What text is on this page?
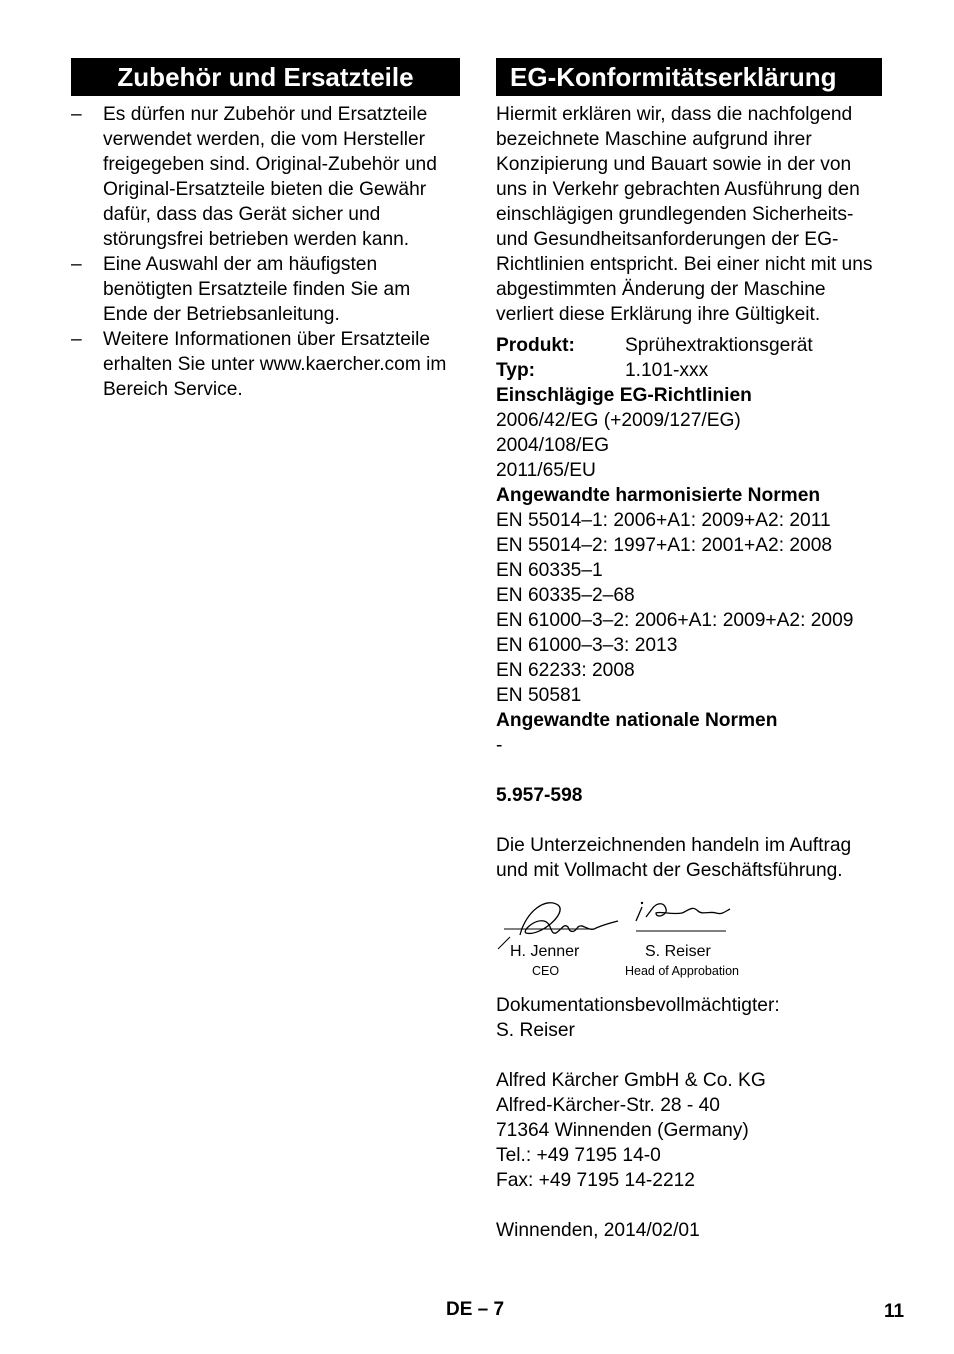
Zubehör und Ersatzteile
– Es dürfen nur Zubehör und Ersatzteile verwendet werden, die vom Hersteller freigegeben sind. Original-Zubehör und Original-Ersatzteile bieten die Gewähr dafür, dass das Gerät sicher und störungsfrei betrieben werden kann.
– Eine Auswahl der am häufigsten benötigten Ersatzteile finden Sie am Ende der Betriebsanleitung.
– Weitere Informationen über Ersatzteile erhalten Sie unter www.kaercher.com im Bereich Service.
EG-Konformitätserklärung
Hiermit erklären wir, dass die nachfolgend bezeichnete Maschine aufgrund ihrer Konzipierung und Bauart sowie in der von uns in Verkehr gebrachten Ausführung den einschlägigen grundlegenden Sicherheits- und Gesundheitsanforderungen der EG-Richtlinien entspricht. Bei einer nicht mit uns abgestimmten Änderung der Maschine verliert diese Erklärung ihre Gültigkeit.
Produkt:	Sprühextraktionsgerät
Typ:	1.101-xxx
Einschlägige EG-Richtlinien
2006/42/EG (+2009/127/EG)
2004/108/EG
2011/65/EU
Angewandte harmonisierte Normen
EN 55014–1: 2006+A1: 2009+A2: 2011
EN 55014–2: 1997+A1: 2001+A2: 2008
EN 60335–1
EN 60335–2–68
EN 61000–3–2: 2006+A1: 2009+A2: 2009
EN 61000–3–3: 2013
EN 62233: 2008
EN 50581
Angewandte nationale Normen
-
5.957-598
Die Unterzeichnenden handeln im Auftrag und mit Vollmacht der Geschäftsführung.
H. Jenner
CEO
S. Reiser
Head of Approbation
Dokumentationsbevollmächtigter:
S. Reiser
Alfred Kärcher GmbH & Co. KG
Alfred-Kärcher-Str. 28 - 40
71364 Winnenden (Germany)
Tel.: +49 7195 14-0
Fax: +49 7195 14-2212
Winnenden, 2014/02/01
DE – 7	11
